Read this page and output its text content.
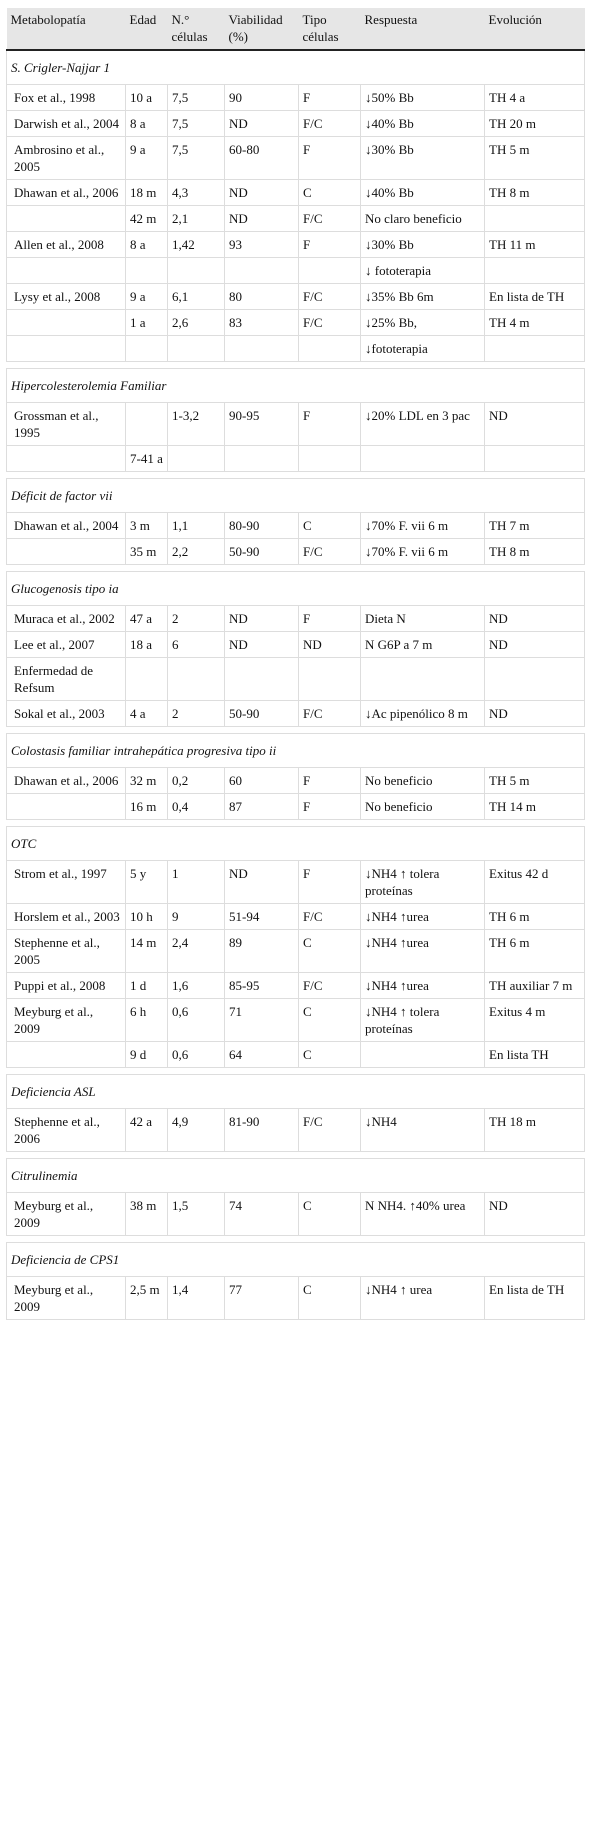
Metabolopatía	Edad	N.° células	Viabilidad (%)	Tipo células	Respuesta	Evolución
S. Crigler-Najjar 1						
Fox et al., 1998	10 a	7,5	90	F	↓50% Bb	TH 4 a
Darwish et al., 2004	8 a	7,5	ND	F/C	↓40% Bb	TH 20 m
Ambrosino et al., 2005	9 a	7,5	60-80	F	↓30% Bb	TH 5 m
Dhawan et al., 2006	18 m	4,3	ND	C	↓40% Bb	TH 8 m
	42 m	2,1	ND	F/C	No claro beneficio	
Allen et al., 2008	8 a	1,42	93	F	↓30% Bb	TH 11 m
					↓ fototerapia	
Lysy et al., 2008	9 a	6,1	80	F/C	↓35% Bb 6m	En lista de TH
	1 a	2,6	83	F/C	↓25% Bb,	TH 4 m
					↓fototerapia	

Hipercolesterolemia Familiar						
Grossman et al., 1995		1-3,2	90-95	F	↓20% LDL en 3 pac	ND
	7-41 a					

Déficit de factor vii						
Dhawan et al., 2004	3 m	1,1	80-90	C	↓70% F. vii 6 m	TH 7 m
	35 m	2,2	50-90	F/C	↓70% F. vii 6 m	TH 8 m

Glucogenosis tipo ia						
Muraca et al., 2002	47 a	2	ND	F	Dieta N	ND
Lee et al., 2007	18 a	6	ND	ND	N G6P a 7 m	ND
Enfermedad de Refsum						
Sokal et al., 2003	4 a	2	50-90	F/C	↓Ac pipenólico 8 m	ND

Colostasis familiar intrahepática progresiva tipo ii						
Dhawan et al., 2006	32 m	0,2	60	F	No beneficio	TH 5 m
	16 m	0,4	87	F	No beneficio	TH 14 m

OTC						
Strom et al., 1997	5 y	1	ND	F	↓NH4 ↑ tolera proteínas	Exitus 42 d
Horslem et al., 2003	10 h	9	51-94	F/C	↓NH4 ↑urea	TH 6 m
Stephenne et al., 2005	14 m	2,4	89	C	↓NH4 ↑urea	TH 6 m
Puppi et al., 2008	1 d	1,6	85-95	F/C	↓NH4 ↑urea	TH auxiliar 7 m
Meyburg et al., 2009	6 h	0,6	71	C	↓NH4 ↑ tolera proteínas	Exitus 4 m
	9 d	0,6	64	C		En lista TH

Deficiencia ASL						
Stephenne et al., 2006	42 a	4,9	81-90	F/C	↓NH4	TH 18 m

Citrulinemia						
Meyburg et al., 2009	38 m	1,5	74	C	N NH4. ↑40% urea	ND

Deficiencia de CPS1						
Meyburg et al., 2009	2,5 m	1,4	77	C	↓NH4 ↑ urea	En lista de TH
